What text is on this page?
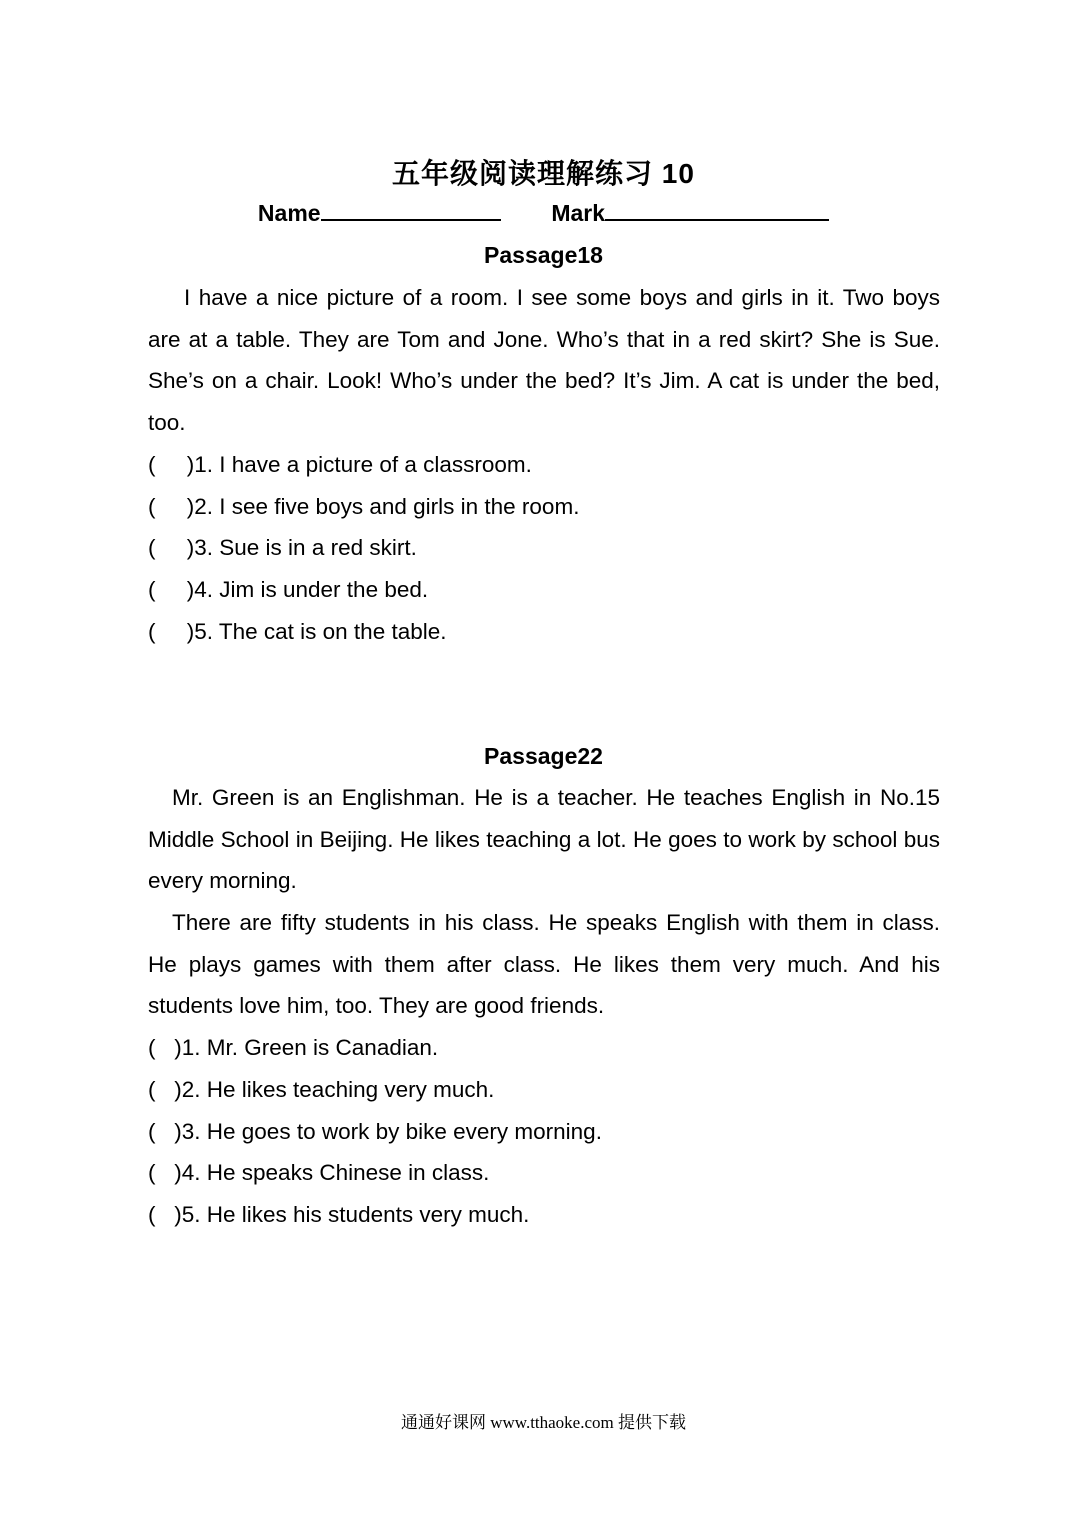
五年级阅读理解练习 10
Name	Mark
Passage18
I have a nice picture of a room. I see some boys and girls in it. Two boys are at a table. They are Tom and Jone. Who’s that in a red skirt? She is Sue. She’s on a chair. Look! Who’s under the bed? It’s Jim. A cat is under the bed, too.
(     )1. I have a picture of a classroom.
(     )2. I see five boys and girls in the room.
(     )3. Sue is in a red skirt.
(     )4. Jim is under the bed.
(     )5. The cat is on the table.
Passage22
Mr. Green is an Englishman. He is a teacher. He teaches English in No.15 Middle School in Beijing. He likes teaching a lot. He goes to work by school bus every morning.
There are fifty students in his class. He speaks English with them in class. He plays games with them after class. He likes them very much. And his students love him, too. They are good friends.
(   )1. Mr. Green is Canadian.
(   )2. He likes teaching very much.
(   )3. He goes to work by bike every morning.
(   )4. He speaks Chinese in class.
(   )5. He likes his students very much.
通通好课网 www.tthaoke.com 提供下载
